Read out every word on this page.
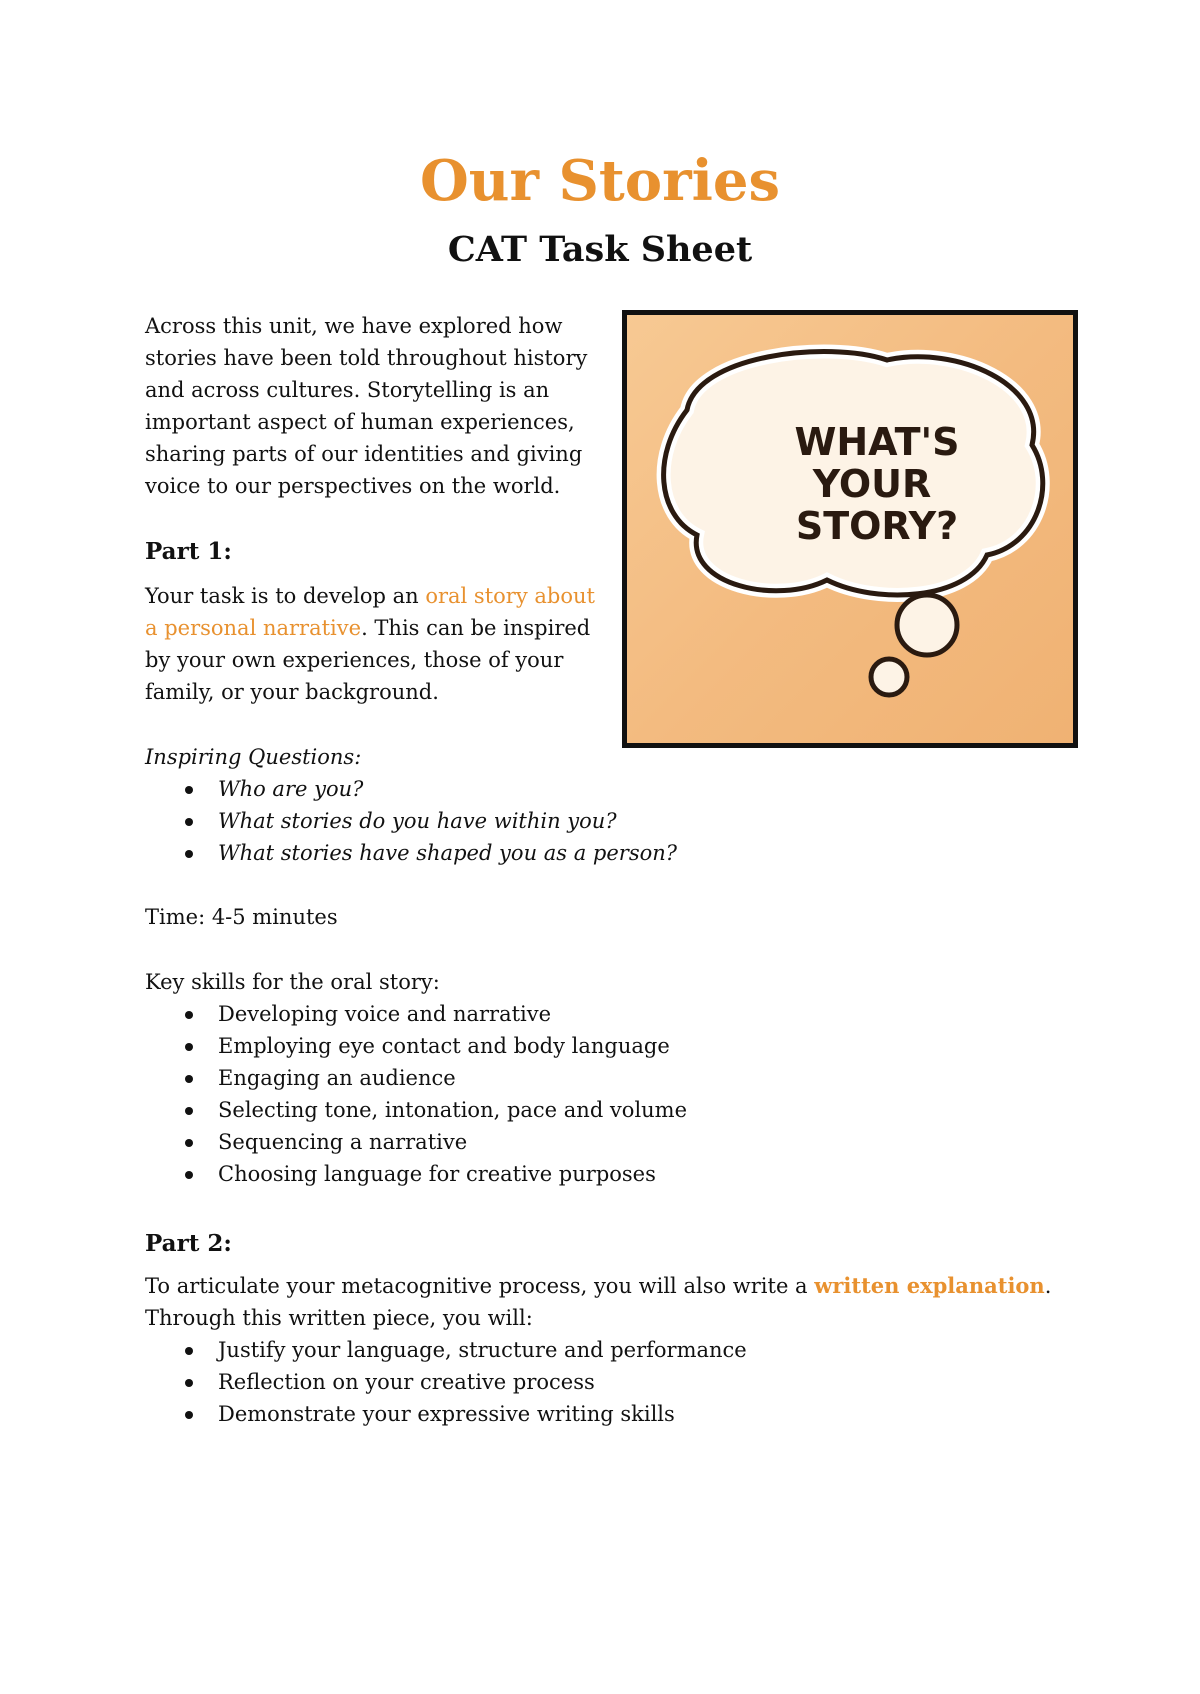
Our Stories
CAT Task Sheet

Across this unit, we have explored how stories have been told throughout history and across cultures. Storytelling is an important aspect of human experiences, sharing parts of our identities and giving voice to our perspectives on the world.

WHAT'S
YOUR
STORY?
Part 1:

Your task is to develop an oral story about a personal narrative. This can be inspired by your own experiences, those of your family, or your background.

Inspiring Questions:

Who are you?
What stories do you have within you?
What stories have shaped you as a person?

Time: 4-5 minutes

Key skills for the oral story:

Developing voice and narrative
Employing eye contact and body language
Engaging an audience
Selecting tone, intonation, pace and volume
Sequencing a narrative
Choosing language for creative purposes
Part 2:

To articulate your metacognitive process, you will also write a written explanation. Through this written piece, you will:

Justify your language, structure and performance
Reflection on your creative process
Demonstrate your expressive writing skills
